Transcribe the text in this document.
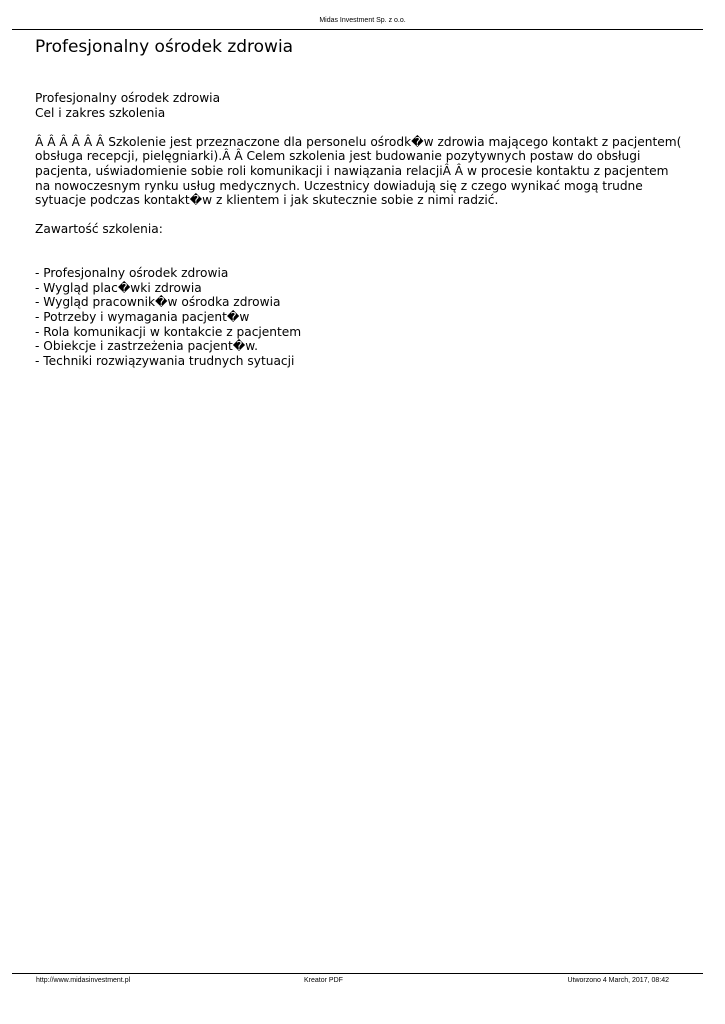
Midas Investment Sp. z o.o.
Profesjonalny ośrodek zdrowia

Profesjonalny ośrodek zdrowia

Cel i zakres szkolenia

Â Â Â Â Â Â Szkolenie jest przeznaczone dla personelu ośrodk�w zdrowia mającego kontakt z pacjentem( obsługa recepcji, pielęgniarki).Â Â Celem szkolenia jest budowanie pozytywnych postaw do obsługi pacjenta, uświadomienie sobie roli komunikacji i nawiązania relacjiÂ Â w procesie kontaktu z pacjentem na nowoczesnym rynku usług medycznych. Uczestnicy dowiadują się z czego wynikać mogą trudne sytuacje podczas kontakt�w z klientem i jak skutecznie sobie z nimi radzić.

Zawartość szkolenia:

- Profesjonalny ośrodek zdrowia
- Wygląd plac�wki zdrowia
- Wygląd pracownik�w ośrodka zdrowia
- Potrzeby i wymagania pacjent�w
- Rola komunikacji w kontakcie z pacjentem
- Obiekcje i zastrzeżenia pacjent�w.
- Techniki rozwiązywania trudnych sytuacji
http://www.midasinvestment.pl	Kreator PDF	Utworzono 4 March, 2017, 08:42
